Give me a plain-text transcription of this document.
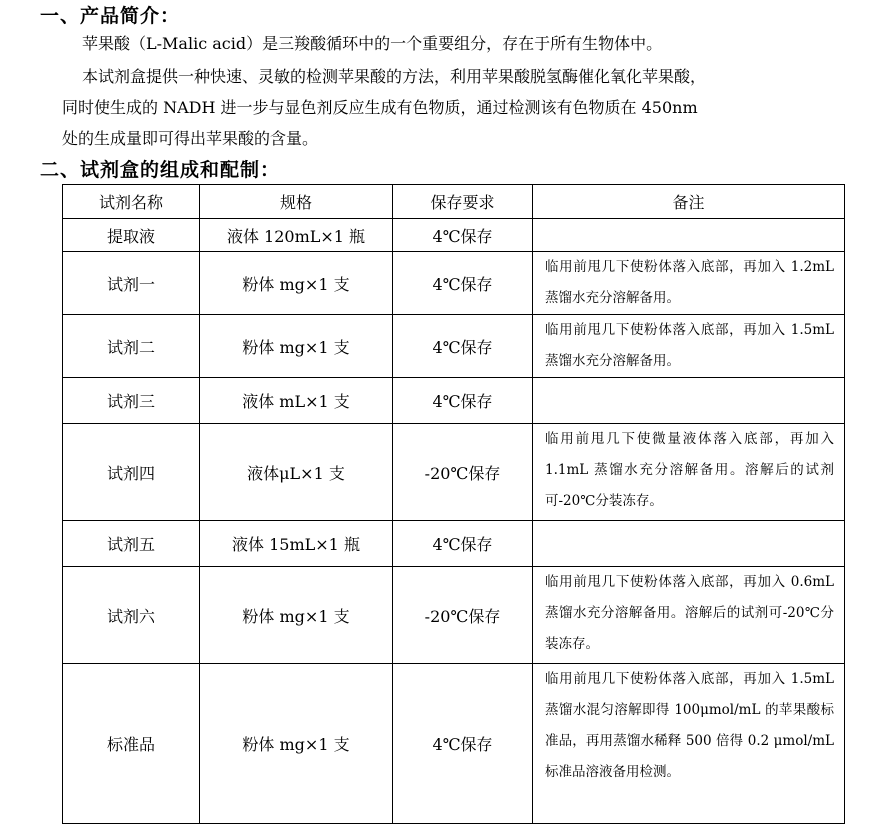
一、产品简介：
苹果酸（L-Malic acid）是三羧酸循环中的一个重要组分，存在于所有生物体中。
本试剂盒提供一种快速、灵敏的检测苹果酸的方法，利用苹果酸脱氢酶催化氧化苹果酸，
同时使生成的 NADH 进一步与显色剂反应生成有色物质，通过检测该有色物质在 450nm
处的生成量即可得出苹果酸的含量。
二、试剂盒的组成和配制：
试剂名称	规格	保存要求	备注
提取液	液体 120mL×1 瓶	4℃保存	
试剂一	粉体 mg×1 支	4℃保存	临用前甩几下使粉体落入底部，再加入 1.2mL 蒸馏水充分溶解备用。
试剂二	粉体 mg×1 支	4℃保存	临用前甩几下使粉体落入底部，再加入 1.5mL 蒸馏水充分溶解备用。
试剂三	液体 mL×1 支	4℃保存	
试剂四	液体μL×1 支	-20℃保存	临用前甩几下使微量液体落入底部，再加入 1.1mL 蒸馏水充分溶解备用。溶解后的试剂可-20℃分装冻存。
试剂五	液体 15mL×1 瓶	4℃保存	
试剂六	粉体 mg×1 支	-20℃保存	临用前甩几下使粉体落入底部，再加入 0.6mL 蒸馏水充分溶解备用。溶解后的试剂可-20℃分装冻存。
标准品	粉体 mg×1 支	4℃保存	临用前甩几下使粉体落入底部，再加入 1.5mL 蒸馏水混匀溶解即得 100μmol/mL 的苹果酸标准品，再用蒸馏水稀释 500 倍得 0.2 μmol/mL 标准品溶液备用检测。
